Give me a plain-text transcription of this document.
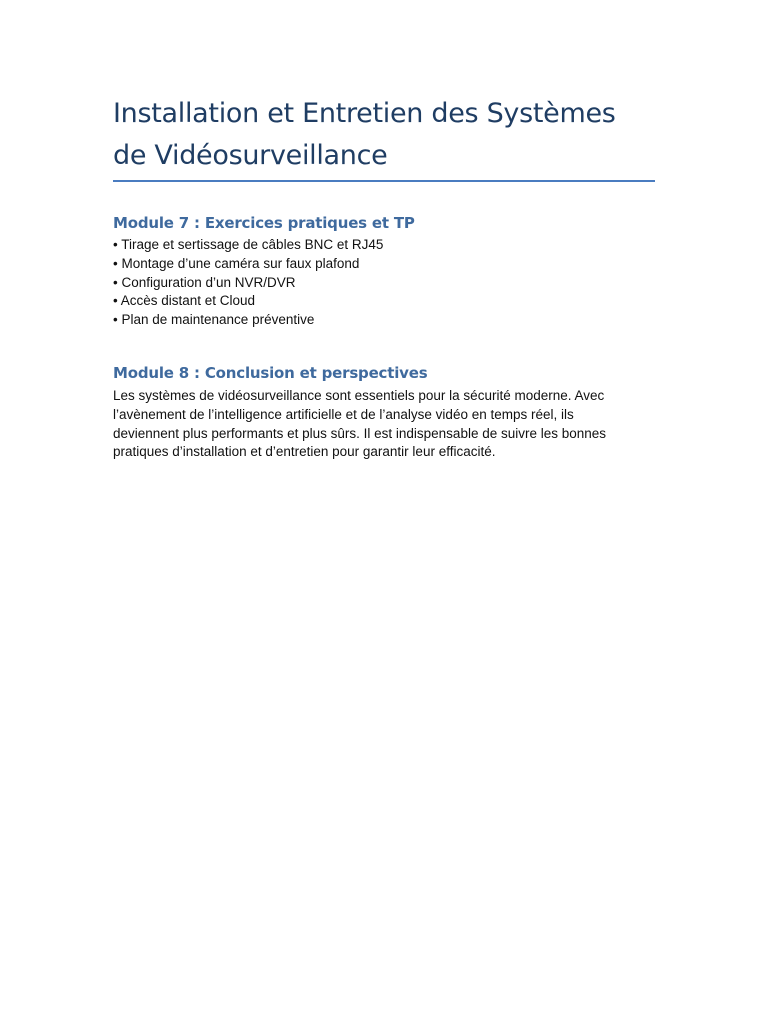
Installation et Entretien des Systèmes de Vidéosurveillance
Module 7 : Exercices pratiques et TP
• Tirage et sertissage de câbles BNC et RJ45
• Montage d’une caméra sur faux plafond
• Configuration d’un NVR/DVR
• Accès distant et Cloud
• Plan de maintenance préventive
Module 8 : Conclusion et perspectives

Les systèmes de vidéosurveillance sont essentiels pour la sécurité moderne. Avec l’avènement de l’intelligence artificielle et de l’analyse vidéo en temps réel, ils deviennent plus performants et plus sûrs. Il est indispensable de suivre les bonnes pratiques d’installation et d’entretien pour garantir leur efficacité.
